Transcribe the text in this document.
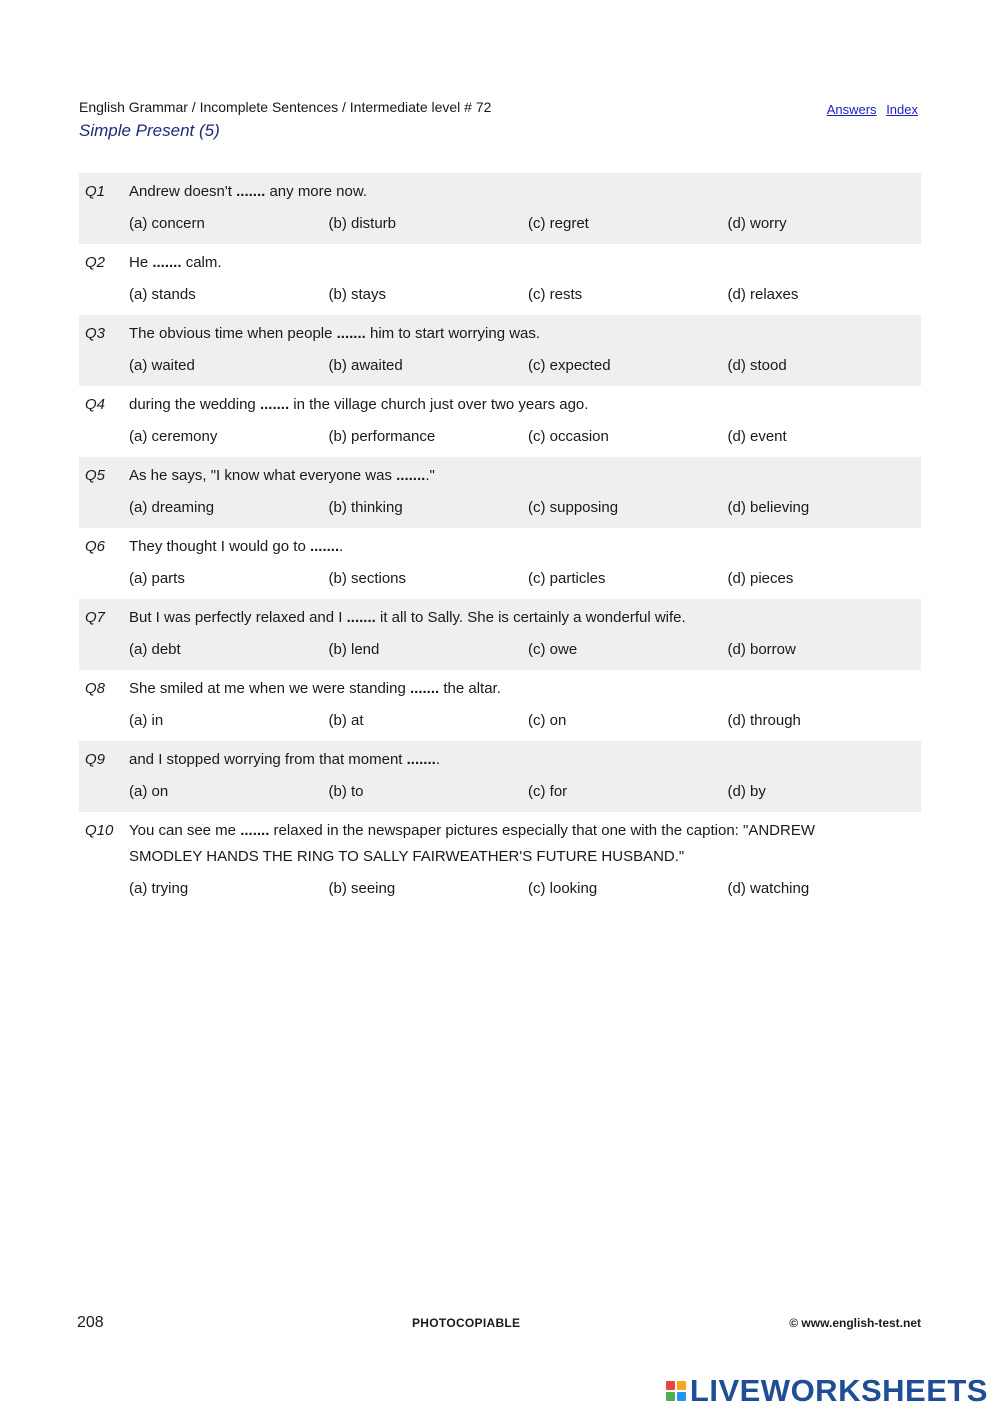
English Grammar / Incomplete Sentences / Intermediate level # 72	Answers Index
Simple Present (5)
Q1	Andrew doesn't ....... any more now.
(a) concern	(b) disturb	(c) regret	(d) worry
Q2	He ....... calm.
(a) stands	(b) stays	(c) rests	(d) relaxes
Q3	The obvious time when people ....... him to start worrying was.
(a) waited	(b) awaited	(c) expected	(d) stood
Q4	during the wedding ....... in the village church just over two years ago.
(a) ceremony	(b) performance	(c) occasion	(d) event
Q5	As he says, "I know what everyone was ........"
(a) dreaming	(b) thinking	(c) supposing	(d) believing
Q6	They thought I would go to ........
(a) parts	(b) sections	(c) particles	(d) pieces
Q7	But I was perfectly relaxed and I ....... it all to Sally. She is certainly a wonderful wife.
(a) debt	(b) lend	(c) owe	(d) borrow
Q8	She smiled at me when we were standing ....... the altar.
(a) in	(b) at	(c) on	(d) through
Q9	and I stopped worrying from that moment ........
(a) on	(b) to	(c) for	(d) by
Q10	You can see me ....... relaxed in the newspaper pictures especially that one with the caption: "ANDREW SMODLEY HANDS THE RING TO SALLY FAIRWEATHER'S FUTURE HUSBAND."
(a) trying	(b) seeing	(c) looking	(d) watching
208	PHOTOCOPIABLE	© www.english-test.net
LIVEWORKSHEETS
